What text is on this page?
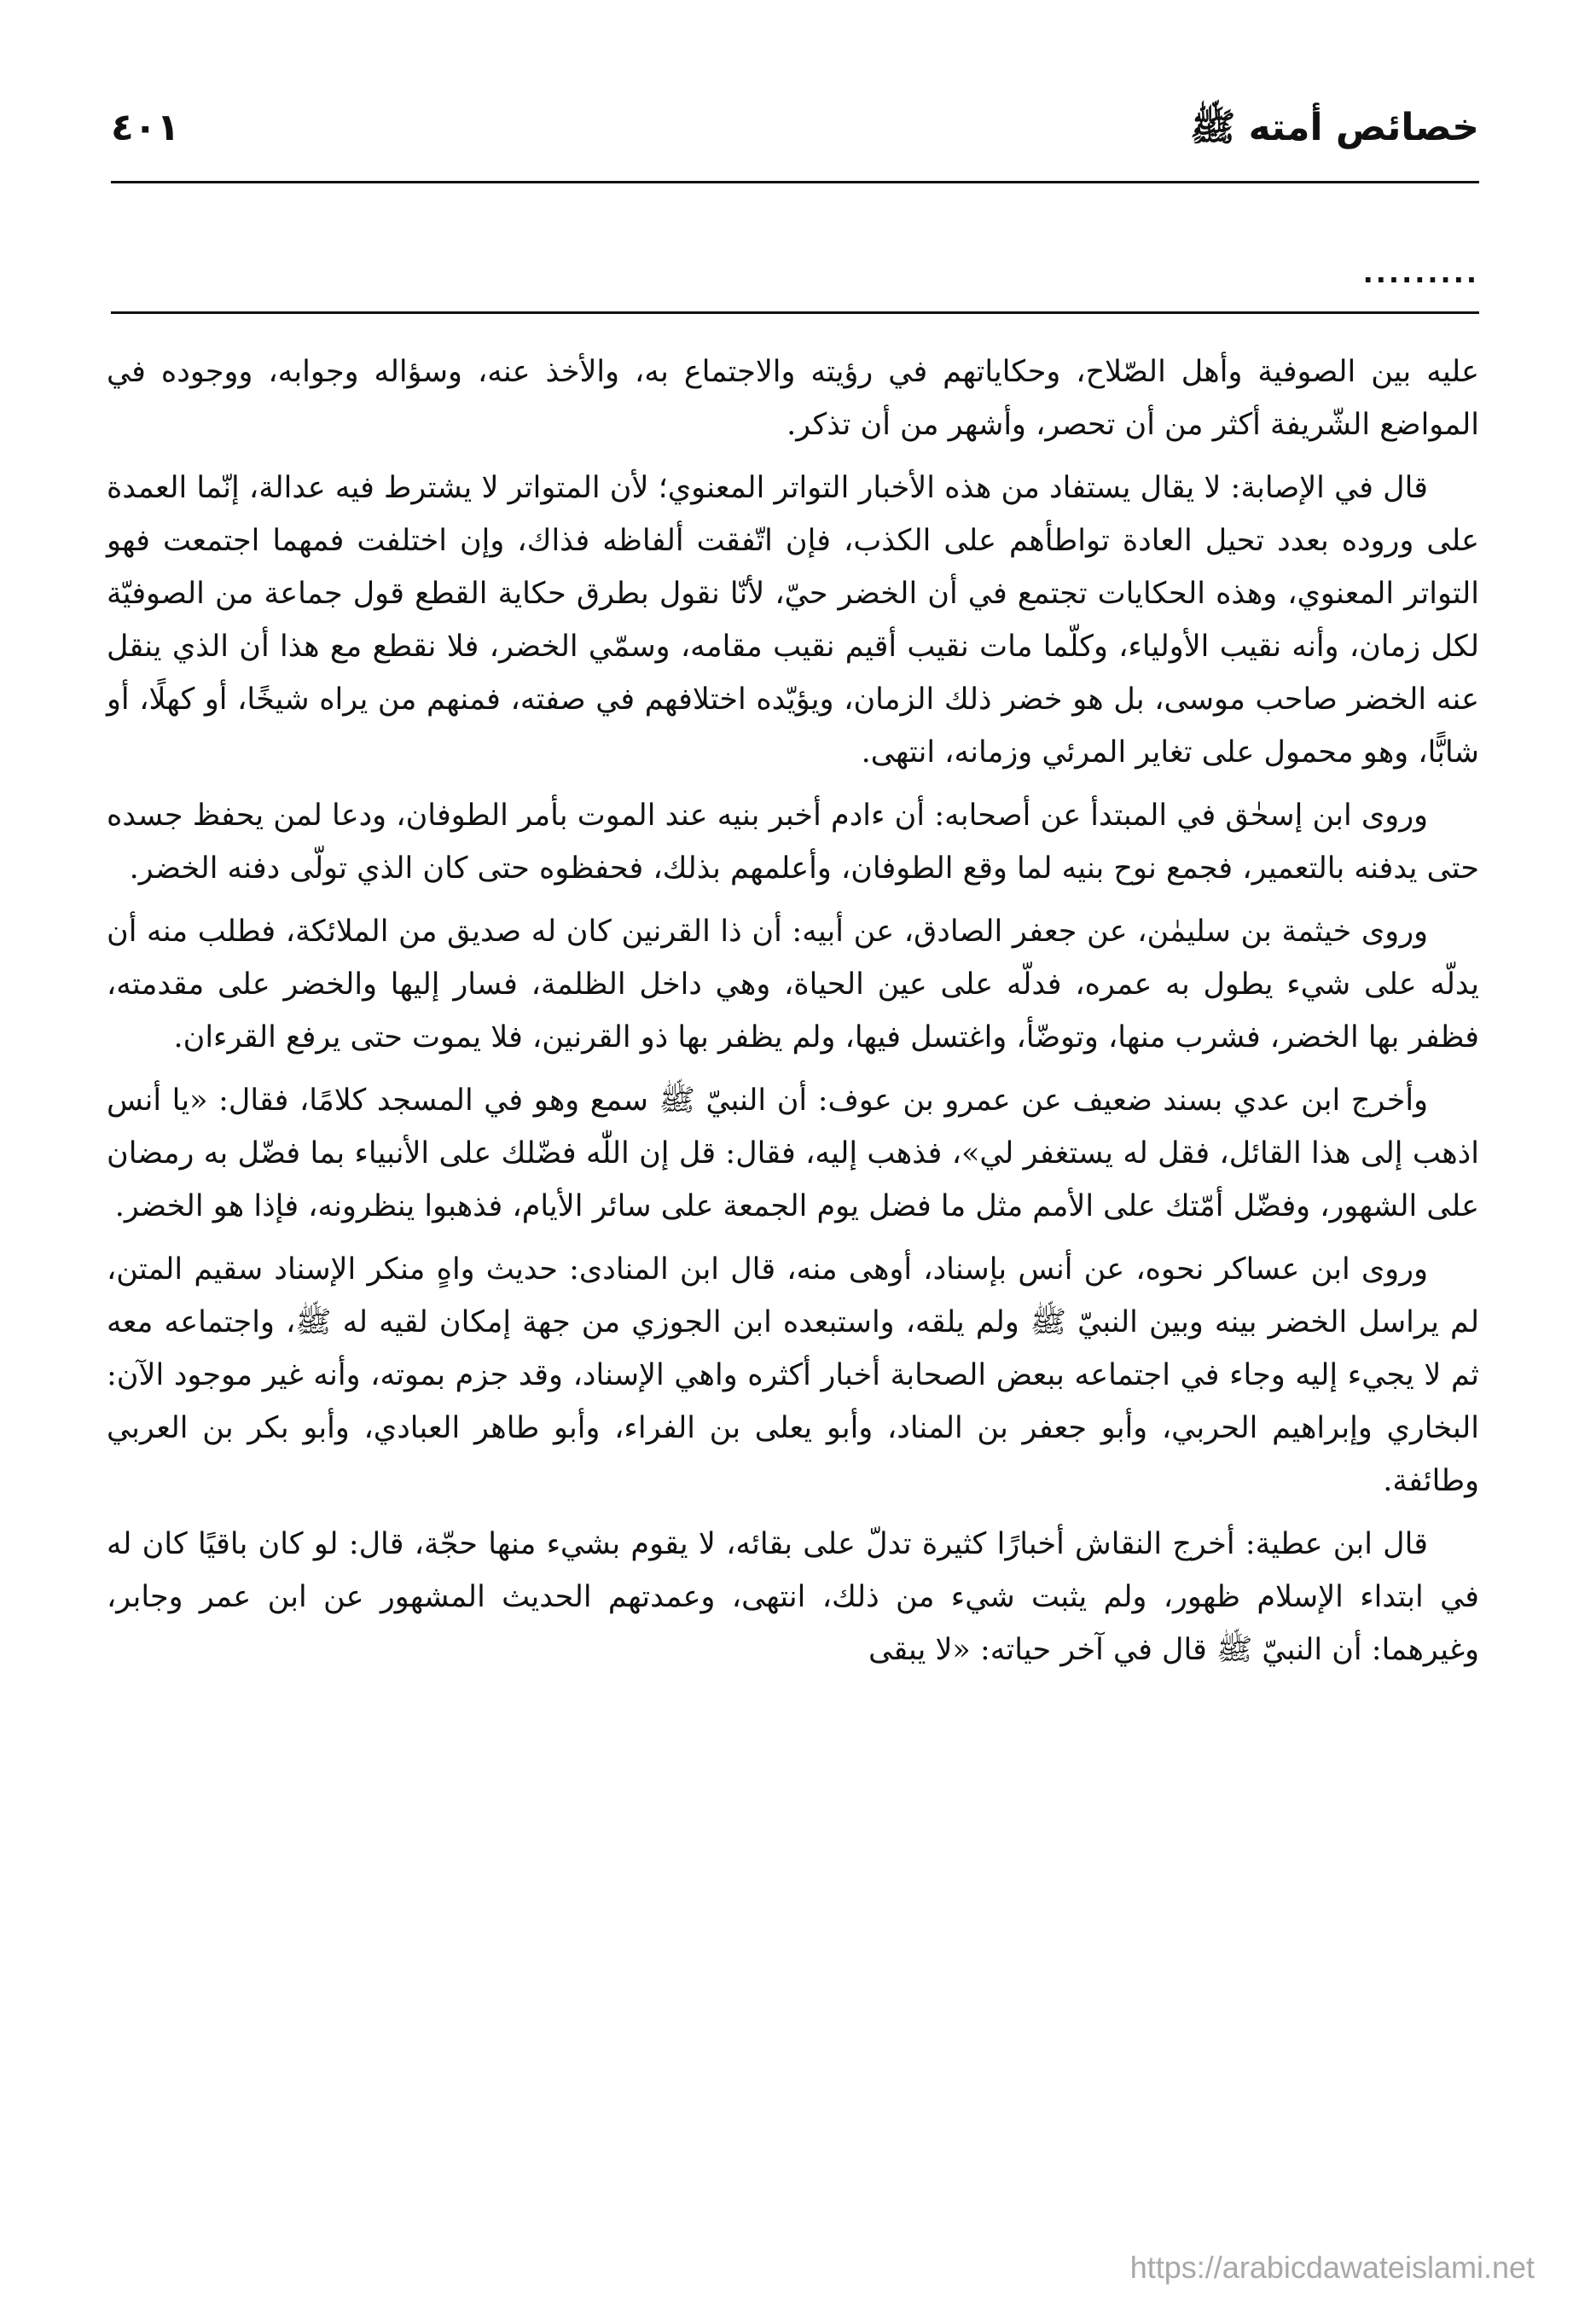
خصائص أمته ﷺ
٤٠١
.........

عليه بين الصوفية وأهل الصّلاح، وحكاياتهم في رؤيته والاجتماع به، والأخذ عنه، وسؤاله وجوابه، ووجوده في المواضع الشّريفة أكثر من أن تحصر، وأشهر من أن تذكر.

قال في الإصابة: لا يقال يستفاد من هذه الأخبار التواتر المعنوي؛ لأن المتواتر لا يشترط فيه عدالة، إنّما العمدة على وروده بعدد تحيل العادة تواطأهم على الكذب، فإن اتّفقت ألفاظه فذاك، وإن اختلفت فمهما اجتمعت فهو التواتر المعنوي، وهذه الحكايات تجتمع في أن الخضر حيّ، لأنّا نقول بطرق حكاية القطع قول جماعة من الصوفيّة لكل زمان، وأنه نقيب الأولياء، وكلّما مات نقيب أقيم نقيب مقامه، وسمّي الخضر، فلا نقطع مع هذا أن الذي ينقل عنه الخضر صاحب موسى، بل هو خضر ذلك الزمان، ويؤيّده اختلافهم في صفته، فمنهم من يراه شيخًا، أو كهلًا، أو شابًّا، وهو محمول على تغاير المرئي وزمانه، انتهى.

وروى ابن إسحٰق في المبتدأ عن أصحابه: أن ءادم أخبر بنيه عند الموت بأمر الطوفان، ودعا لمن يحفظ جسده حتى يدفنه بالتعمير، فجمع نوح بنيه لما وقع الطوفان، وأعلمهم بذلك، فحفظوه حتى كان الذي تولّى دفنه الخضر.

وروى خيثمة بن سليمٰن، عن جعفر الصادق، عن أبيه: أن ذا القرنين كان له صديق من الملائكة، فطلب منه أن يدلّه على شيء يطول به عمره، فدلّه على عين الحياة، وهي داخل الظلمة، فسار إليها والخضر على مقدمته، فظفر بها الخضر، فشرب منها، وتوضّأ، واغتسل فيها، ولم يظفر بها ذو القرنين، فلا يموت حتى يرفع القرءان.

وأخرج ابن عدي بسند ضعيف عن عمرو بن عوف: أن النبيّ ﷺ سمع وهو في المسجد كلامًا، فقال: «يا أنس اذهب إلى هذا القائل، فقل له يستغفر لي»، فذهب إليه، فقال: قل إن اللّٰه فضّلك على الأنبياء بما فضّل به رمضان على الشهور، وفضّل أمّتك على الأمم مثل ما فضل يوم الجمعة على سائر الأيام، فذهبوا ينظرونه، فإذا هو الخضر.

وروى ابن عساكر نحوه، عن أنس بإسناد، أوهى منه، قال ابن المنادى: حديث واهٍ منكر الإسناد سقيم المتن، لم يراسل الخضر بينه وبين النبيّ ﷺ ولم يلقه، واستبعده ابن الجوزي من جهة إمكان لقيه له ﷺ، واجتماعه معه ثم لا يجيء إليه وجاء في اجتماعه ببعض الصحابة أخبار أكثره واهي الإسناد، وقد جزم بموته، وأنه غير موجود الآن: البخاري وإبراهيم الحربي، وأبو جعفر بن المناد، وأبو يعلى بن الفراء، وأبو طاهر العبادي، وأبو بكر بن العربي وطائفة.

قال ابن عطية: أخرج النقاش أخبارًا كثيرة تدلّ على بقائه، لا يقوم بشيء منها حجّة، قال: لو كان باقيًا كان له في ابتداء الإسلام ظهور، ولم يثبت شيء من ذلك، انتهى، وعمدتهم الحديث المشهور عن ابن عمر وجابر، وغيرهما: أن النبيّ ﷺ قال في آخر حياته: «لا يبقى

https://arabicdawateislami.net
